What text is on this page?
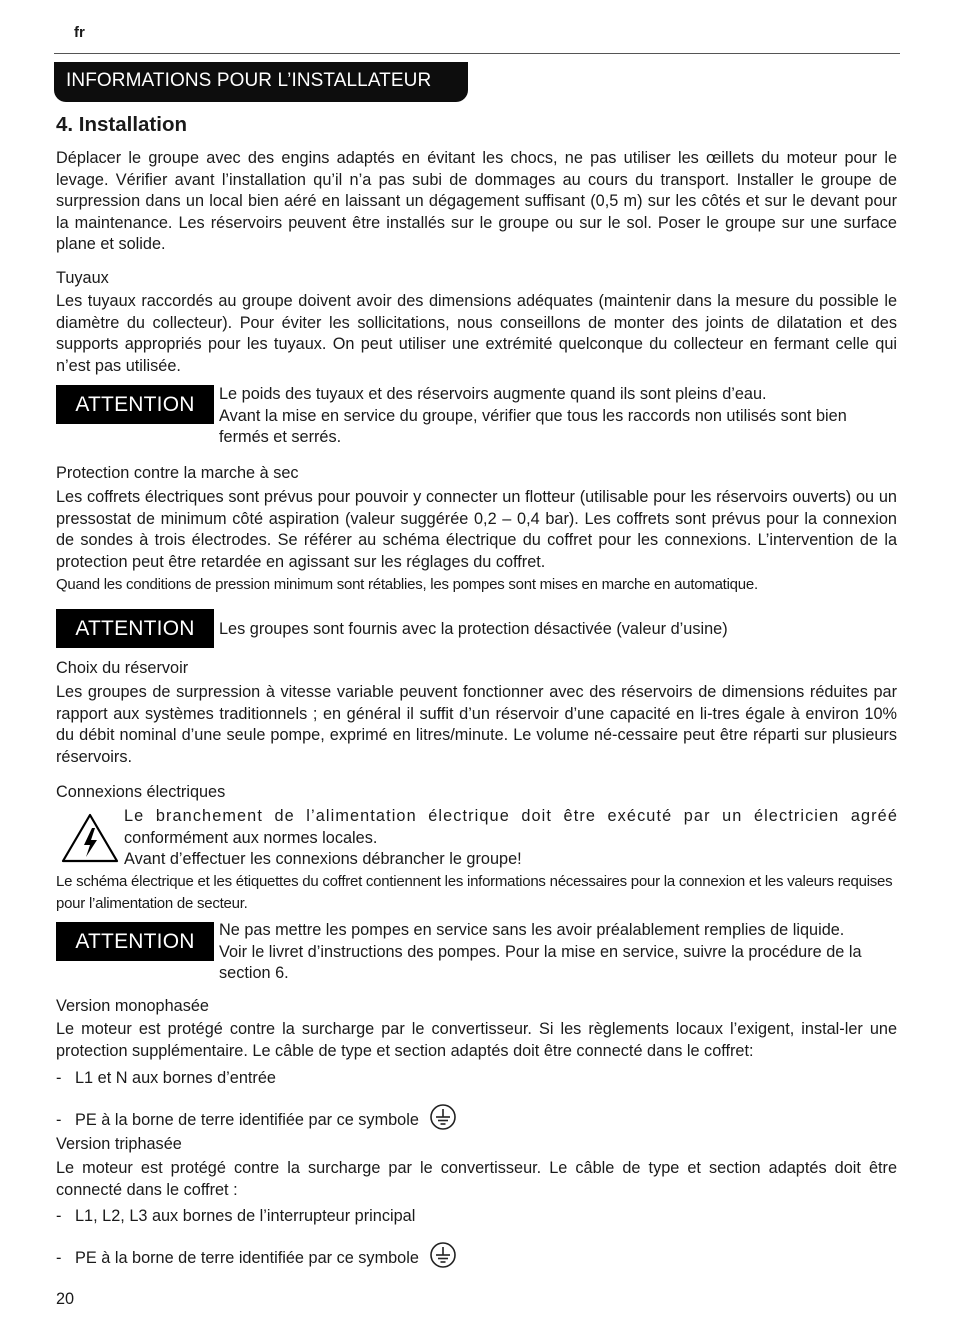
fr
INFORMATIONS POUR L’INSTALLATEUR
4. Installation

Déplacer le groupe avec des engins adaptés en évitant les chocs, ne pas utiliser les œillets du moteur pour le levage. Vérifier avant l’installation qu’il n’a pas subi de dommages au cours du transport. Installer le groupe de surpression dans un local bien aéré en laissant un dégagement suffisant (0,5 m) sur les côtés et sur le devant pour la maintenance. Les réservoirs peuvent être installés sur le groupe ou sur le sol. Poser le groupe sur une surface plane et solide.

Tuyaux

Les tuyaux raccordés au groupe doivent avoir des dimensions adéquates (maintenir dans la mesure du possible le diamètre du collecteur). Pour éviter les sollicitations, nous conseillons de monter des joints de dilatation et des supports appropriés pour les tuyaux. On peut utiliser une extrémité quelconque du collecteur en fermant celle qui n’est pas utilisée.

ATTENTION	Le poids des tuyaux et des réservoirs augmente quand ils sont pleins d’eau.
Avant la mise en service du groupe, vérifier que tous les raccords non utilisés sont bien fermés et serrés.
Protection contre la marche à sec

Les coffrets électriques sont prévus pour pouvoir y connecter un flotteur (utilisable pour les réservoirs ouverts) ou un pressostat de minimum côté aspiration (valeur suggérée 0,2 – 0,4 bar). Les coffrets sont prévus pour la connexion de sondes à trois électrodes. Se référer au schéma électrique du coffret pour les connexions. L’intervention de la protection peut être retardée en agissant sur les réglages du coffret.

Quand les conditions de pression minimum sont rétablies, les pompes sont mises en marche en automatique.
ATTENTION	Les groupes sont fournis avec la protection désactivée (valeur d’usine)
Choix du réservoir

Les groupes de surpression à vitesse variable peuvent fonctionner avec des réservoirs de dimensions réduites par rapport aux systèmes traditionnels ; en général il suffit d’un réservoir d’une capacité en li-tres égale à environ 10% du débit nominal d’une seule pompe, exprimé en litres/minute. Le volume né-cessaire peut être réparti sur plusieurs réservoirs.

Connexions électriques
Le branchement de l’alimentation électrique doit être exécuté par un électricien agréé
conformément aux normes locales.
Avant d’effectuer les connexions débrancher le groupe!
Le schéma électrique et les étiquettes du coffret contiennent les informations nécessaires pour la connexion et les valeurs requises pour l’alimentation de secteur.
ATTENTION	Ne pas mettre les pompes en service sans les avoir préalablement remplies de liquide.
Voir le livret d’instructions des pompes. Pour la mise en service, suivre la procédure de la section 6.
Version monophasée

Le moteur est protégé contre la surcharge par le convertisseur. Si les règlements locaux l’exigent, instal-ler une protection supplémentaire. Le câble de type et section adaptés doit être connecté dans le coffret:

- L1 et N aux bornes d’entrée
- PE à la borne de terre identifiée par ce symbole
Version triphasée

Le moteur est protégé contre la surcharge par le convertisseur. Le câble de type et section adaptés doit être connecté dans le coffret :

- L1, L2, L3 aux bornes de l’interrupteur principal
- PE à la borne de terre identifiée par ce symbole
20
